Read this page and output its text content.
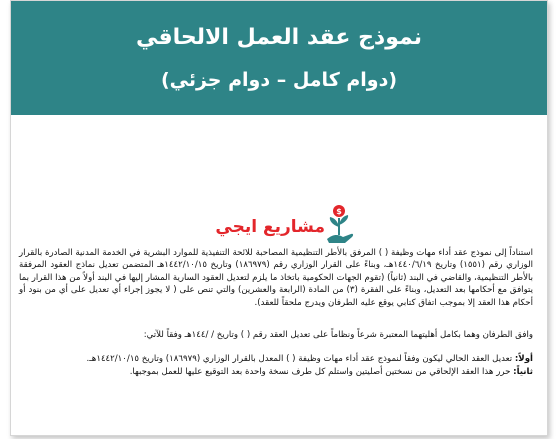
نموذج عقد العمل الالحاقي
(دوام كامل – دوام جزئي)
$
مشاريع ايجي

استناداً إلى نموذج عقد أداء مهات وظيفة ( ) المرفق بالأطر التنظيمية المصاحبة للائحة التنفيذية للموارد البشرية في الخدمة المدنية الصادرة بالقرار الوزاري رقم (١٥٥١) وتاريخ ١٤٤٠/٦/١٩هـ، وبناءً على القرار الوزاري رقم (١٨٦٩٧٩) وتاريخ ١٤٤٢/١٠/١٥هـ المتضمن تعديل نماذج العقود المرفقة بالأطر التنظيمية، والقاضي في البند (ثانياً) (تقوم الجهات الحكومية باتخاذ ما يلزم لتعديل العقود السارية المشار إليها في البند أولاً من هذا القرار بما يتوافق مع أحكامها بعد التعديل، وبناءً على الفقرة (٣) من المادة (الرابعة والعشرين) والتي تنص على ( لا يجوز إجراء أي تعديل على أي من بنود أو أحكام هذا العقد إلا بموجب اتفاق كتابي يوقع عليه الطرفان ويدرج ملحقاً للعقد).

وافق الطرفان وهما بكامل أهليتهما المعتبرة شرعاً ونظاماً على تعديل العقد رقم ( ) وتاريخ / /١٤٤هـ وفقاً للآتي:

أولاً: تعديل العقد الحالي ليكون وفقاً لنموذج عقد أداء مهات وظيفة ( ) المعدل بالقرار الوزاري (١٨٦٩٧٩) وتاريخ ١٤٤٢/١٠/١٥هـ.

ثانياً: حرر هذا العقد الإلحاقي من نسختين أصليتين واستلم كل طرف نسخة واحدة بعد التوقيع عليها للعمل بموجبها.
